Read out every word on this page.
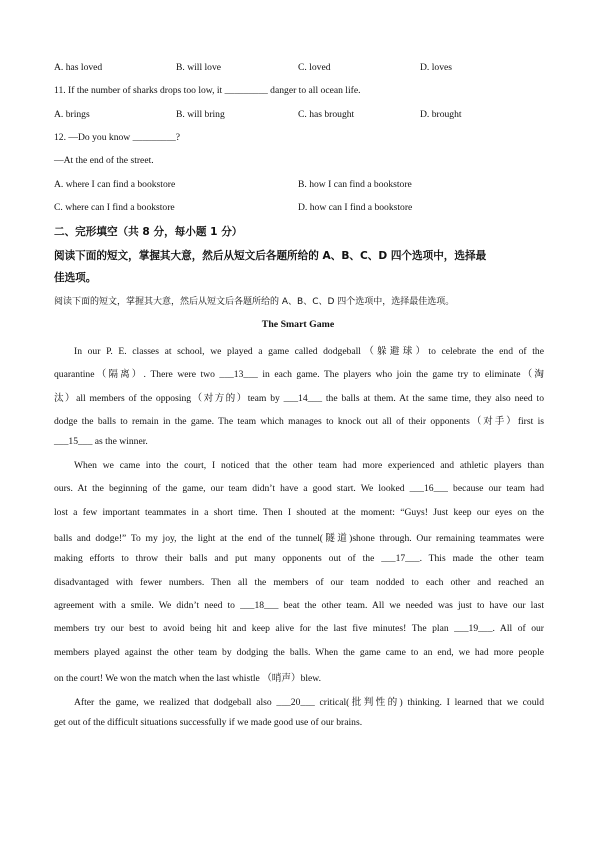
A. has loved	B. will love	C. loved	D. loves
11. If the number of sharks drops too low, it _________ danger to all ocean life.
A. brings	B. will bring	C. has brought	D. brought
12. —Do you know _________?
—At the end of the street.
A. where I can find a bookstore	B. how I can find a bookstore
C. where can I find a bookstore	D. how can I find a bookstore
二、完形填空（共 8 分，每小题 1 分）
阅读下面的短文，掌握其大意，然后从短文后各题所给的 A、B、C、D 四个选项中，选择最
佳选项。
阅读下面的短文，掌握其大意，然后从短文后各题所给的 A、B、C、D 四个选项中，选择最佳选项。
The Smart Game
In our P. E. classes at school, we played a game called dodgeball（躲避球）to celebrate the end of the
quarantine（隔离）. There were two ___13___ in each game. The players who join the game try to eliminate（淘
汰）all members of the opposing（对方的）team by ___14___ the balls at them. At the same time, they also need to
dodge the balls to remain in the game. The team which manages to knock out all of their opponents（对手）first is
___15___ as the winner.
When we came into the court, I noticed that the other team had more experienced and athletic players than
ours. At the beginning of the game, our team didn’t have a good start. We looked ___16___ because our team had
lost a few important teammates in a short time. Then I shouted at the moment: “Guys! Just keep our eyes on the
balls and dodge!” To my joy, the light at the end of the tunnel(隧道)shone through. Our remaining teammates were
making efforts to throw their balls and put many opponents out of the ___17___. This made the other team
disadvantaged with fewer numbers. Then all the members of our team nodded to each other and reached an
agreement with a smile. We didn’t need to ___18___ beat the other team. All we needed was just to have our last
members try our best to avoid being hit and keep alive for the last five minutes! The plan ___19___. All of our
members played against the other team by dodging the balls. When the game came to an end, we had more people
on the court! We won the match when the last whistle （哨声）blew.
After the game, we realized that dodgeball also ___20___ critical(批判性的) thinking. I learned that we could
get out of the difficult situations successfully if we made good use of our brains.
